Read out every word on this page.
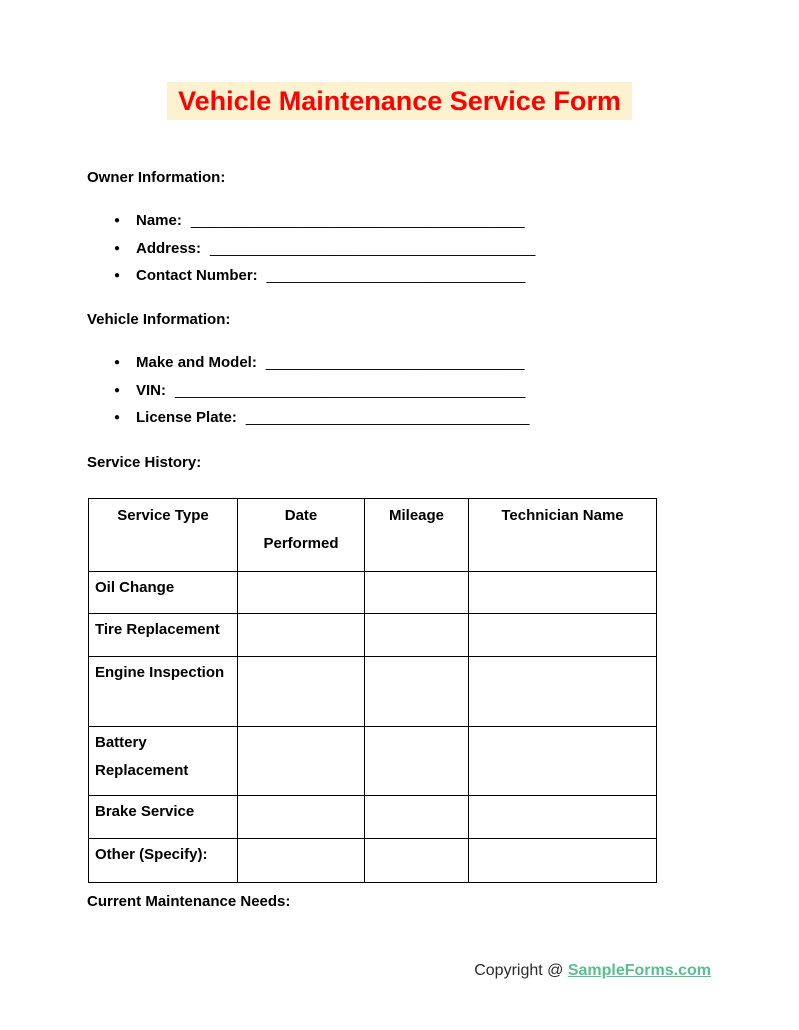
Vehicle Maintenance Service Form
Owner Information:
● Name: ________________________________________
● Address: _______________________________________
● Contact Number: _______________________________
Vehicle Information:
● Make and Model: _______________________________
● VIN: __________________________________________
● License Plate: __________________________________
Service History:
Service Type	Date Performed	Mileage	Technician Name
Oil Change			
Tire Replacement			
Engine Inspection			
Battery Replacement			
Brake Service			
Other (Specify):			
Current Maintenance Needs:
Copyright @ SampleForms.com
